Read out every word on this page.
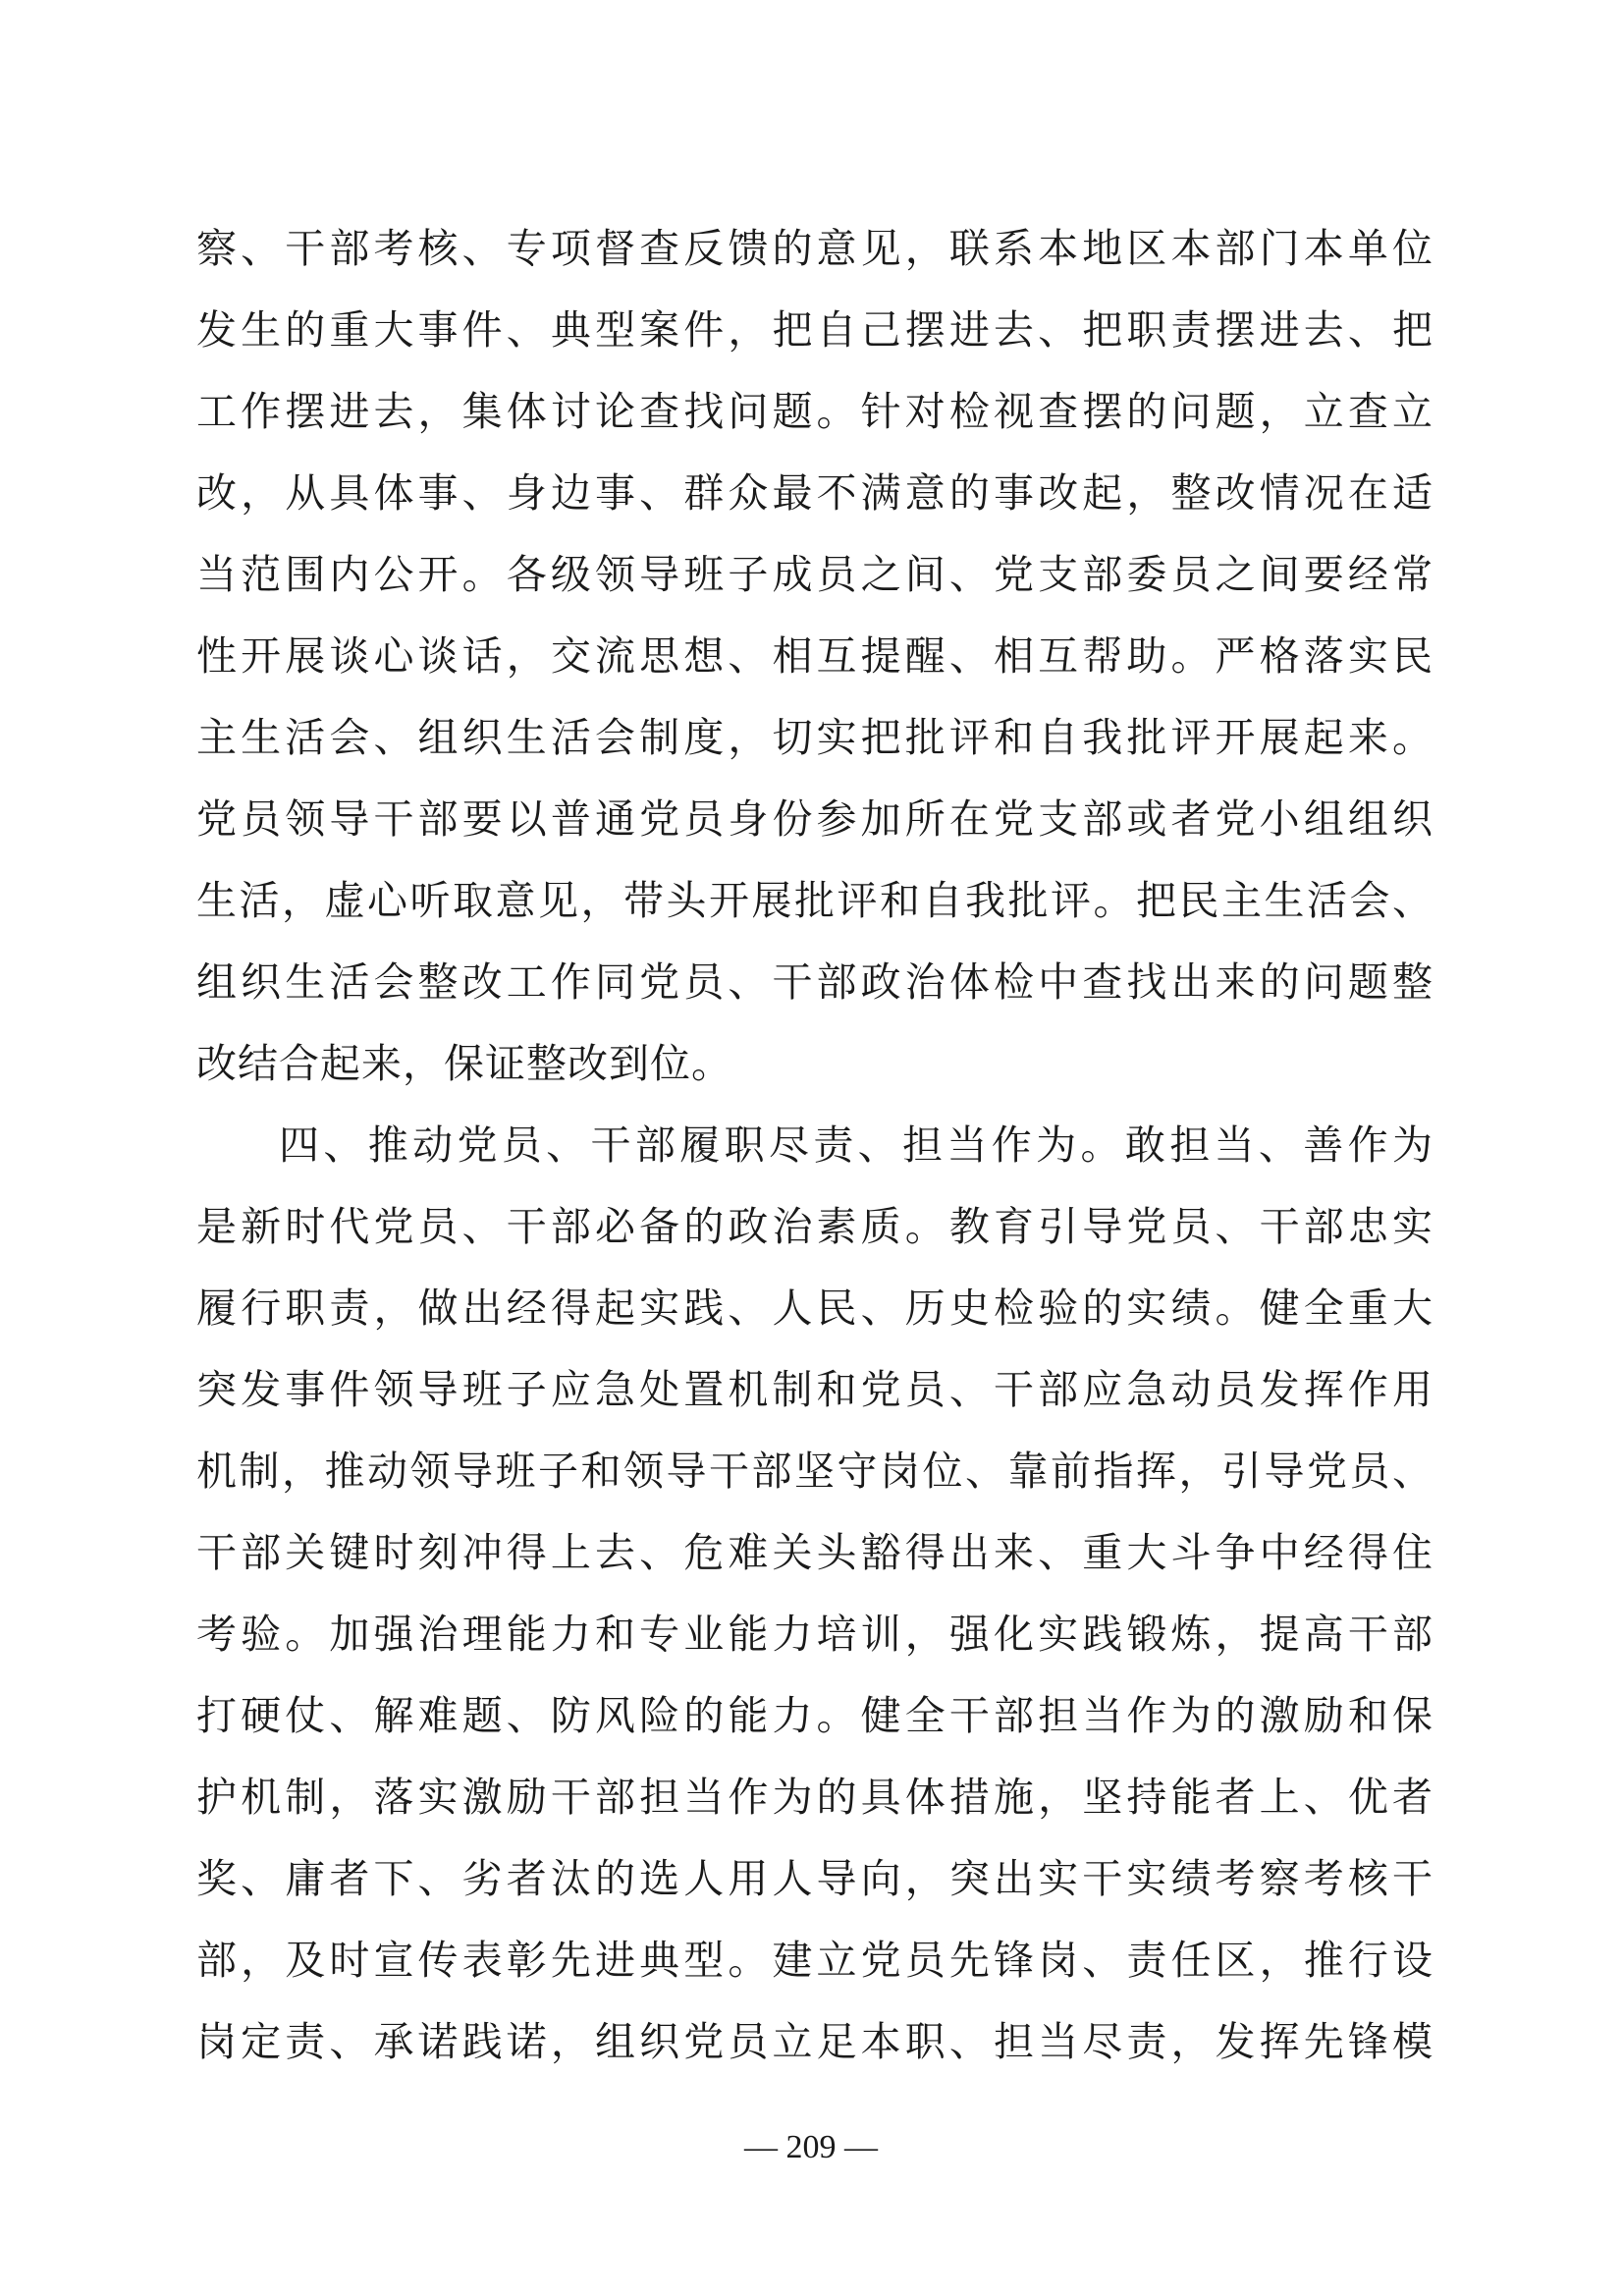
察、干部考核、专项督查反馈的意见，联系本地区本部门本单位
发生的重大事件、典型案件，把自己摆进去、把职责摆进去、把
工作摆进去，集体讨论查找问题。针对检视查摆的问题，立查立
改，从具体事、身边事、群众最不满意的事改起，整改情况在适
当范围内公开。各级领导班子成员之间、党支部委员之间要经常
性开展谈心谈话，交流思想、相互提醒、相互帮助。严格落实民
主生活会、组织生活会制度，切实把批评和自我批评开展起来。
党员领导干部要以普通党员身份参加所在党支部或者党小组组织
生活，虚心听取意见，带头开展批评和自我批评。把民主生活会、
组织生活会整改工作同党员、干部政治体检中查找出来的问题整
改结合起来，保证整改到位。
四、推动党员、干部履职尽责、担当作为。敢担当、善作为
是新时代党员、干部必备的政治素质。教育引导党员、干部忠实
履行职责，做出经得起实践、人民、历史检验的实绩。健全重大
突发事件领导班子应急处置机制和党员、干部应急动员发挥作用
机制，推动领导班子和领导干部坚守岗位、靠前指挥，引导党员、
干部关键时刻冲得上去、危难关头豁得出来、重大斗争中经得住
考验。加强治理能力和专业能力培训，强化实践锻炼，提高干部
打硬仗、解难题、防风险的能力。健全干部担当作为的激励和保
护机制，落实激励干部担当作为的具体措施，坚持能者上、优者
奖、庸者下、劣者汰的选人用人导向，突出实干实绩考察考核干
部，及时宣传表彰先进典型。建立党员先锋岗、责任区，推行设
岗定责、承诺践诺，组织党员立足本职、担当尽责，发挥先锋模
— 209 —
